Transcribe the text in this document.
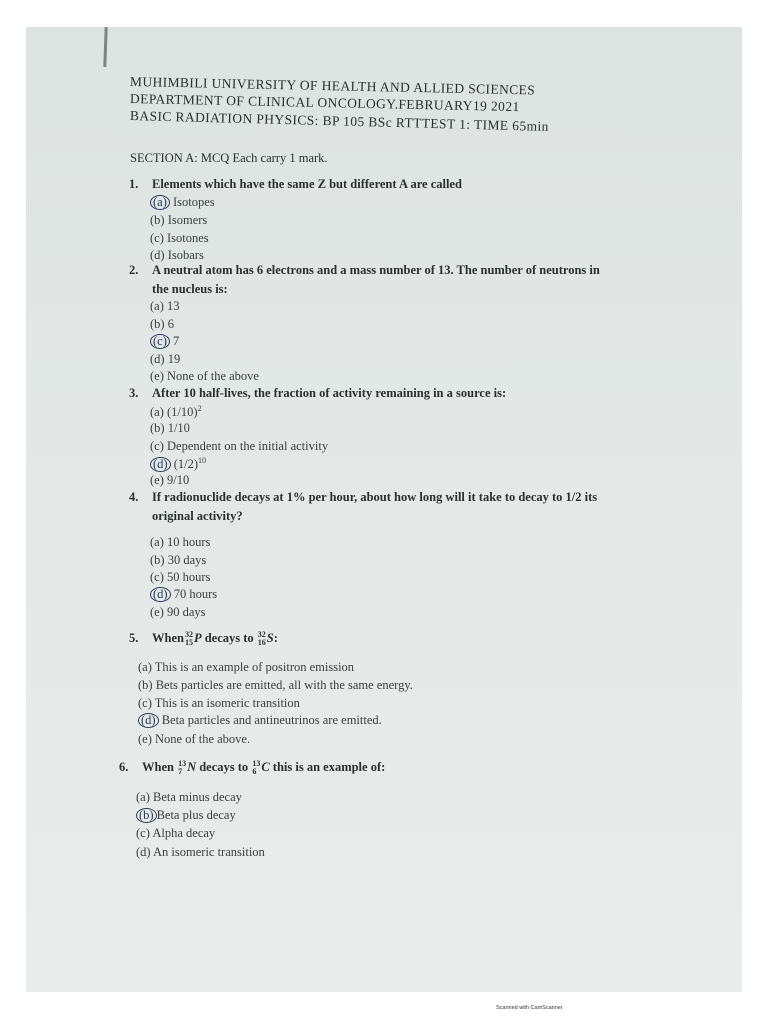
MUHIMBILI UNIVERSITY OF HEALTH AND ALLIED SCIENCES
DEPARTMENT OF CLINICAL ONCOLOGY.FEBRUARY19 2021
BASIC RADIATION PHYSICS: BP 105 BSc RTTTEST 1: TIME 65min
SECTION A: MCQ Each carry 1 mark.
1. Elements which have the same Z but different A are called
(a) Isotopes
(b) Isomers
(c) Isotones
(d) Isobars
2. A neutral atom has 6 electrons and a mass number of 13. The number of neutrons in
the nucleus is:
(a) 13
(b) 6
(c) 7
(d) 19
(e) None of the above
3. After 10 half-lives, the fraction of activity remaining in a source is:
(a) $(1/10)^2$
(b) 1/10
(c) Dependent on the initial activity
(d) $(1/2)^{10}$
(e) 9/10
4. If radionuclide decays at 1% per hour, about how long will it take to decay to 1/2 its
original activity?
(a) 10 hours
(b) 30 days
(c) 50 hours
(d) 70 hours
(e) 90 days
5. When 32
15 P decays to 32
16 S:
(a) This is an example of positron emission
(b) Bets particles are emitted, all with the same energy.
(c) This is an isomeric transition
(d) Beta particles and antineutrinos are emitted.
(e) None of the above.
6. When 13
7 N decays to 13
6 C this is an example of:
(a) Beta minus decay
(b) Beta plus decay
(c) Alpha decay
(d) An isomeric transition
Scanned with CamScanner
